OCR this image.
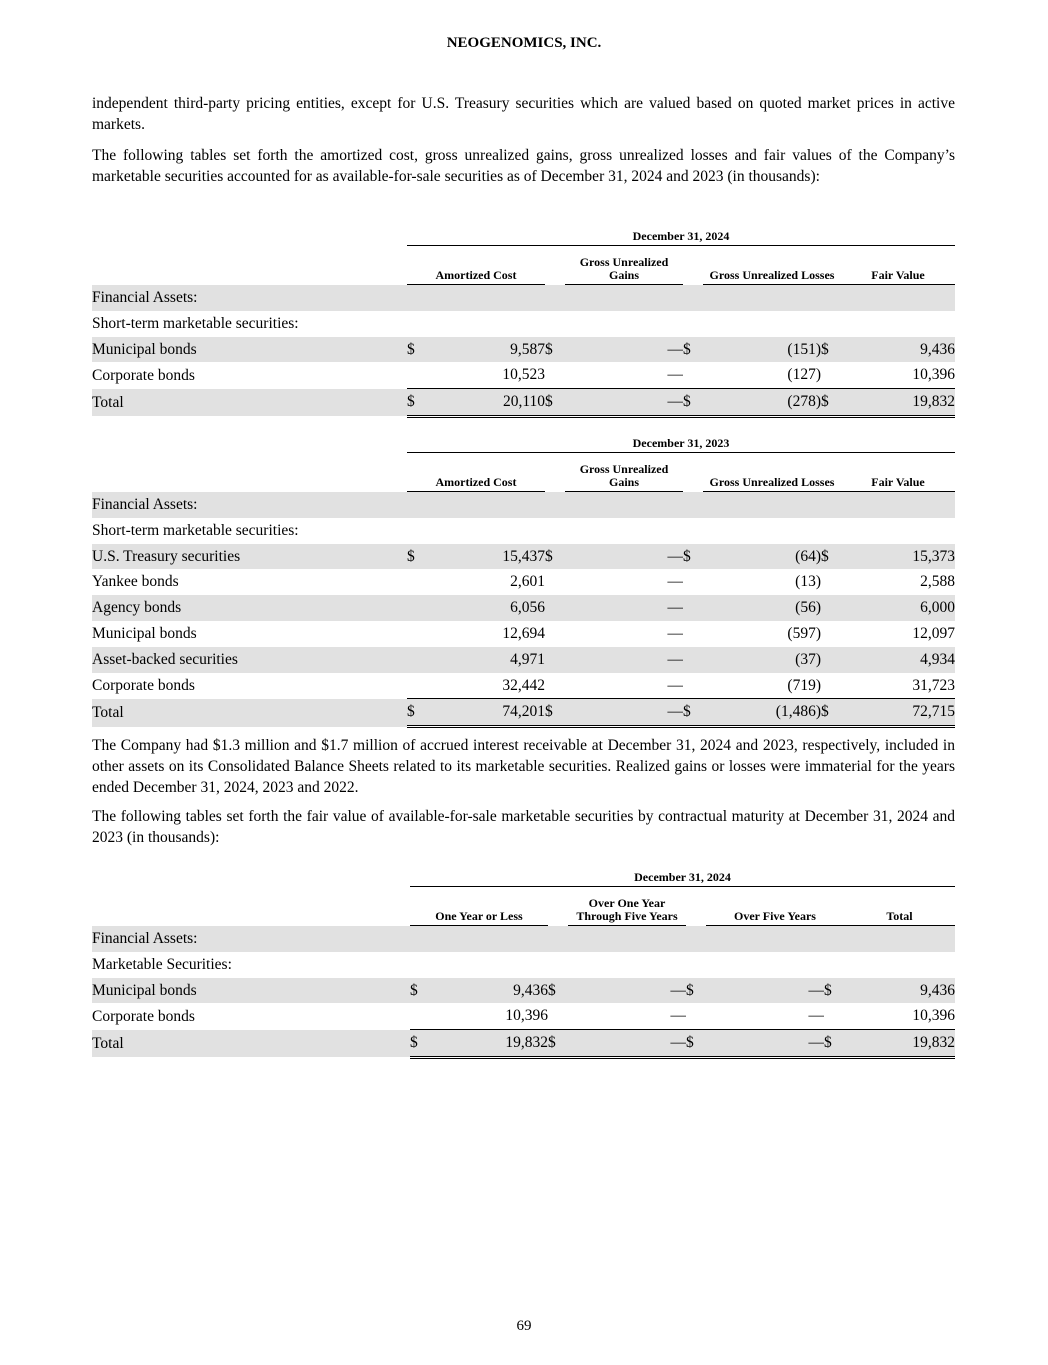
NEOGENOMICS, INC.

independent third-party pricing entities, except for U.S. Treasury securities which are valued based on quoted market prices in active markets.

The following tables set forth the amortized cost, gross unrealized gains, gross unrealized losses and fair values of the Company’s marketable securities accounted for as available-for-sale securities as of December 31, 2024 and 2023 (in thousands):

	December 31, 2024							
	Amortized Cost			Gross Unrealized Gains		Gross Unrealized Losses		Fair Value
Financial Assets:								
Short-term marketable securities:								
Municipal bonds	$	9,587	$	—	$	(151)	$	9,436
Corporate bonds		10,523		—		(127)		10,396
Total	$	20,110	$	—	$	(278)	$	19,832
	December 31, 2023							
	Amortized Cost			Gross Unrealized Gains		Gross Unrealized Losses		Fair Value
Financial Assets:								
Short-term marketable securities:								
U.S. Treasury securities	$	15,437	$	—	$	(64)	$	15,373
Yankee bonds		2,601		—		(13)		2,588
Agency bonds		6,056		—		(56)		6,000
Municipal bonds		12,694		—		(597)		12,097
Asset-backed securities		4,971		—		(37)		4,934
Corporate bonds		32,442		—		(719)		31,723
Total	$	74,201	$	—	$	(1,486)	$	72,715

The Company had $1.3 million and $1.7 million of accrued interest receivable at December 31, 2024 and 2023, respectively, included in other assets on its Consolidated Balance Sheets related to its marketable securities. Realized gains or losses were immaterial for the years ended December 31, 2024, 2023 and 2022.

The following tables set forth the fair value of available-for-sale marketable securities by contractual maturity at December 31, 2024 and 2023 (in thousands):

	December 31, 2024							
	One Year or Less			Over One Year Through Five Years		Over Five Years		Total
Financial Assets:								
Marketable Securities:								
Municipal bonds	$	9,436	$	—	$	—	$	9,436
Corporate bonds		10,396		—		—		10,396
Total	$	19,832	$	—	$	—	$	19,832
69
